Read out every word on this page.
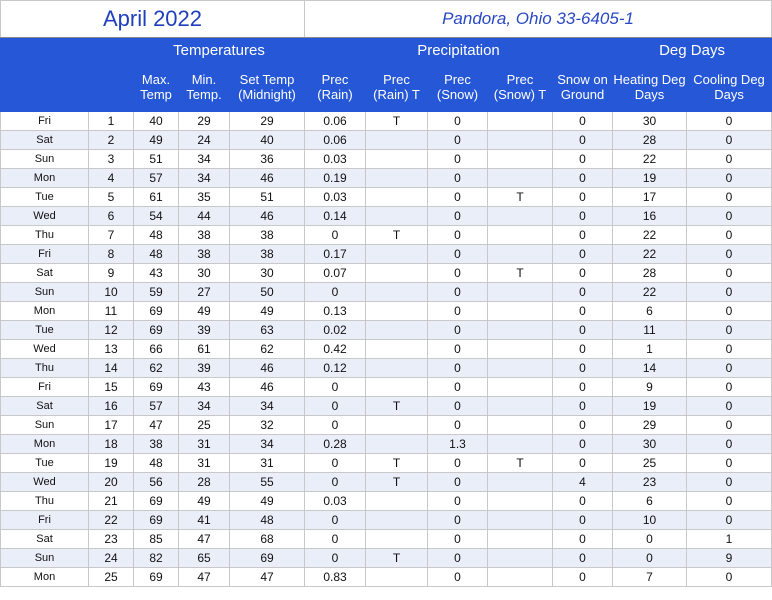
April 2022					Pandora, Ohio 33-6405-1						
		Temperatures			Precipitation					Deg Days	
		Max. Temp	Min. Temp.	Set Temp (Midnight)	Prec (Rain)	Prec (Rain) T	Prec (Snow)	Prec (Snow) T	Snow on Ground	Heating Deg Days	Cooling Deg Days
Fri	1	40	29	29	0.06	T	0		0	30	0
Sat	2	49	24	40	0.06		0		0	28	0
Sun	3	51	34	36	0.03		0		0	22	0
Mon	4	57	34	46	0.19		0		0	19	0
Tue	5	61	35	51	0.03		0	T	0	17	0
Wed	6	54	44	46	0.14		0		0	16	0
Thu	7	48	38	38	0	T	0		0	22	0
Fri	8	48	38	38	0.17		0		0	22	0
Sat	9	43	30	30	0.07		0	T	0	28	0
Sun	10	59	27	50	0		0		0	22	0
Mon	11	69	49	49	0.13		0		0	6	0
Tue	12	69	39	63	0.02		0		0	11	0
Wed	13	66	61	62	0.42		0		0	1	0
Thu	14	62	39	46	0.12		0		0	14	0
Fri	15	69	43	46	0		0		0	9	0
Sat	16	57	34	34	0	T	0		0	19	0
Sun	17	47	25	32	0		0		0	29	0
Mon	18	38	31	34	0.28		1.3		0	30	0
Tue	19	48	31	31	0	T	0	T	0	25	0
Wed	20	56	28	55	0	T	0		4	23	0
Thu	21	69	49	49	0.03		0		0	6	0
Fri	22	69	41	48	0		0		0	10	0
Sat	23	85	47	68	0		0		0	0	1
Sun	24	82	65	69	0	T	0		0	0	9
Mon	25	69	47	47	0.83		0		0	7	0
